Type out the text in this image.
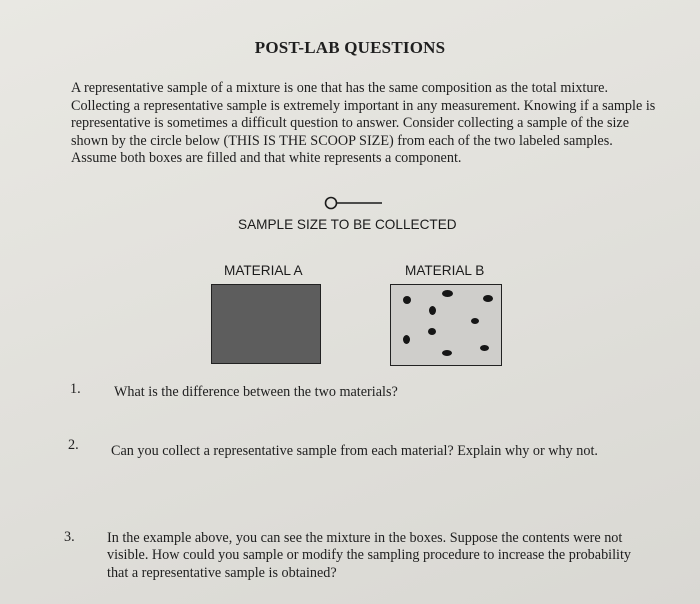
POST-LAB QUESTIONS
A representative sample of a mixture is one that has the same composition as the total mixture.
Collecting a representative sample is extremely important in any measurement. Knowing if a sample is
representative is sometimes a difficult question to answer. Consider collecting a sample of the size
shown by the circle below (THIS IS THE SCOOP SIZE) from each of the two labeled samples.
Assume both boxes are filled and that white represents a component.
SAMPLE SIZE TO BE COLLECTED
MATERIAL A	MATERIAL B
1. What is the difference between the two materials?
2. Can you collect a representative sample from each material? Explain why or why not.
3. In the example above, you can see the mixture in the boxes. Suppose the contents were not
visible. How could you sample or modify the sampling procedure to increase the probability
that a representative sample is obtained?
